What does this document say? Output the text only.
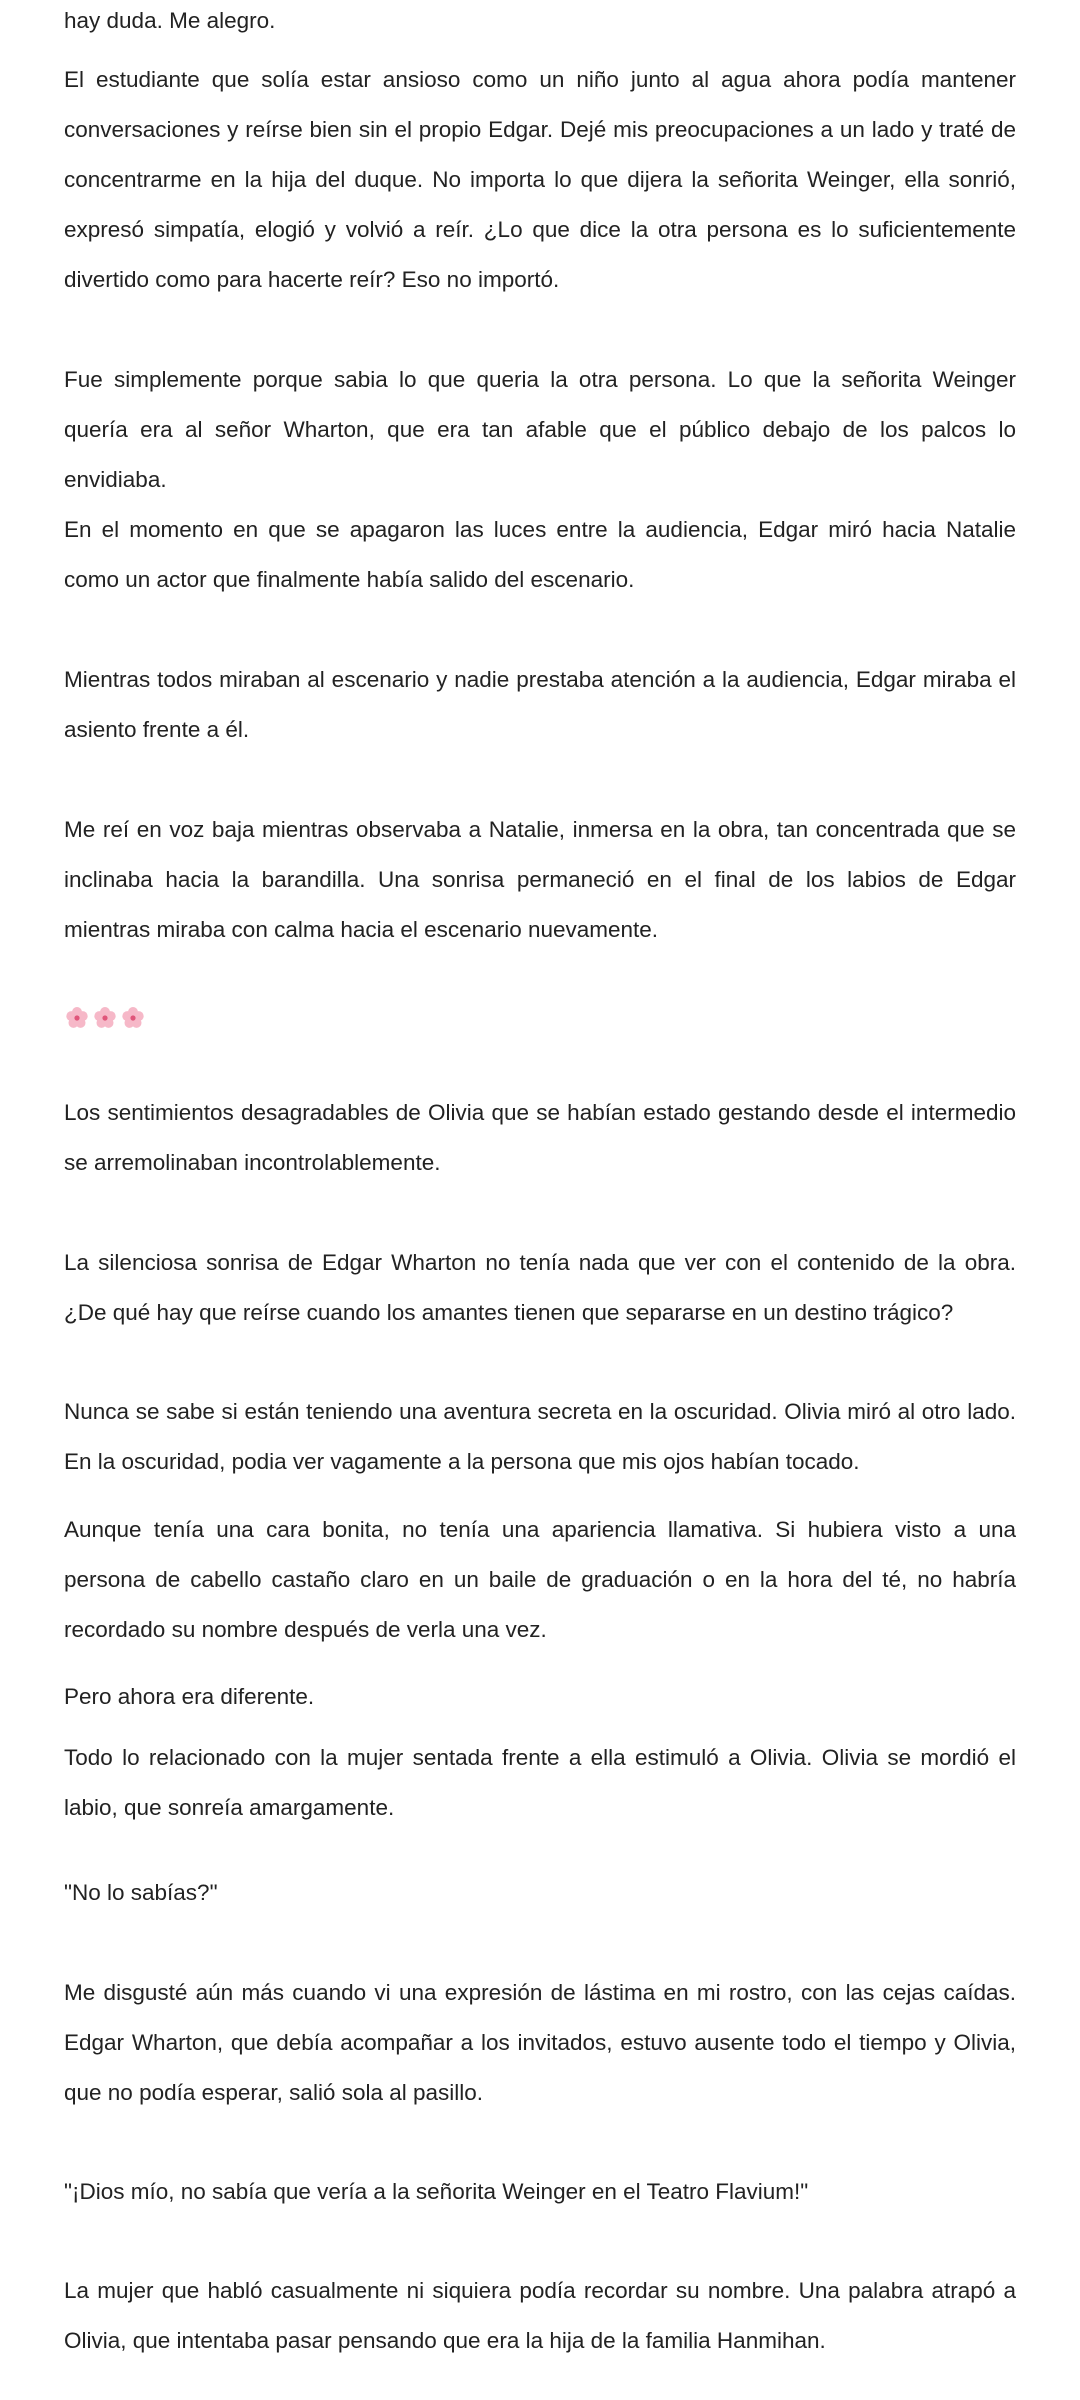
hay duda. Me alegro.

El estudiante que solía estar ansioso como un niño junto al agua ahora podía mantener conversaciones y reírse bien sin el propio Edgar. Dejé mis preocupaciones a un lado y traté de concentrarme en la hija del duque. No importa lo que dijera la señorita Weinger, ella sonrió, expresó simpatía, elogió y volvió a reír. ¿Lo que dice la otra persona es lo suficientemente divertido como para hacerte reír? Eso no importó.

Fue simplemente porque sabia lo que queria la otra persona. Lo que la señorita Weinger quería era al señor Wharton, que era tan afable que el público debajo de los palcos lo envidiaba.

En el momento en que se apagaron las luces entre la audiencia, Edgar miró hacia Natalie como un actor que finalmente había salido del escenario.

Mientras todos miraban al escenario y nadie prestaba atención a la audiencia, Edgar miraba el asiento frente a él.

Me reí en voz baja mientras observaba a Natalie, inmersa en la obra, tan concentrada que se inclinaba hacia la barandilla. Una sonrisa permaneció en el final de los labios de Edgar mientras miraba con calma hacia el escenario nuevamente.

Los sentimientos desagradables de Olivia que se habían estado gestando desde el intermedio se arremolinaban incontrolablemente.

La silenciosa sonrisa de Edgar Wharton no tenía nada que ver con el contenido de la obra. ¿De qué hay que reírse cuando los amantes tienen que separarse en un destino trágico?

Nunca se sabe si están teniendo una aventura secreta en la oscuridad. Olivia miró al otro lado. En la oscuridad, podia ver vagamente a la persona que mis ojos habían tocado.

Aunque tenía una cara bonita, no tenía una apariencia llamativa. Si hubiera visto a una persona de cabello castaño claro en un baile de graduación o en la hora del té, no habría recordado su nombre después de verla una vez.

Pero ahora era diferente.

Todo lo relacionado con la mujer sentada frente a ella estimuló a Olivia. Olivia se mordió el labio, que sonreía amargamente.

"No lo sabías?"

Me disgusté aún más cuando vi una expresión de lástima en mi rostro, con las cejas caídas. Edgar Wharton, que debía acompañar a los invitados, estuvo ausente todo el tiempo y Olivia, que no podía esperar, salió sola al pasillo.

"¡Dios mío, no sabía que vería a la señorita Weinger en el Teatro Flavium!"

La mujer que habló casualmente ni siquiera podía recordar su nombre. Una palabra atrapó a Olivia, que intentaba pasar pensando que era la hija de la familia Hanmihan.
